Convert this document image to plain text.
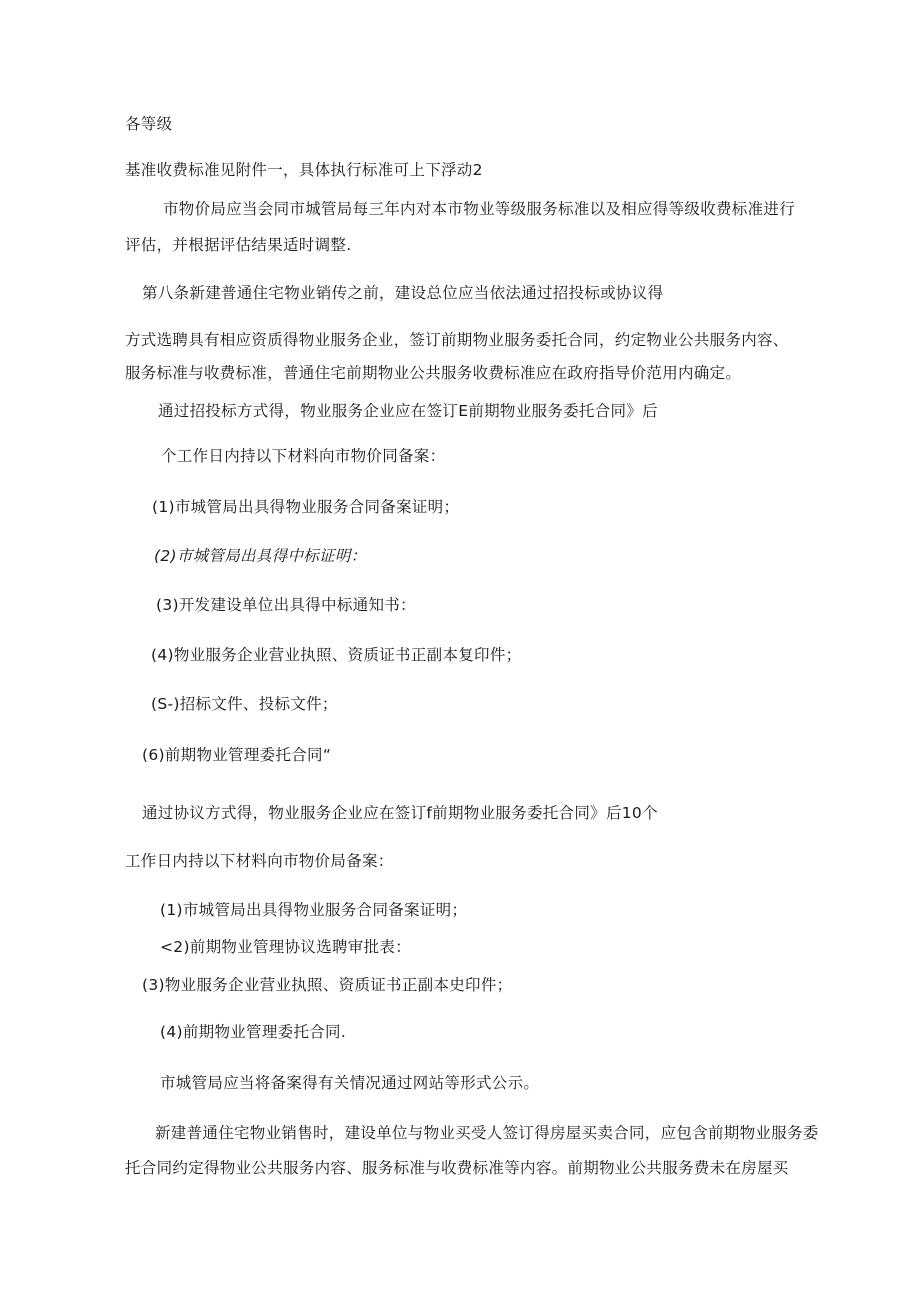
各等级
基准收费标准见附件一，具体执行标准可上下浮动2
市物价局应当会同市城管局每三年内对本市物业等级服务标准以及相应得等级收费标准进行
评估，并根据评估结果适时调整.
第八条新建普通住宅物业销传之前，建设总位应当依法通过招投标或协议得
方式选聘具有相应资质得物业服务企业，签订前期物业服务委托合同，约定物业公共服务内容、
服务标准与收费标准，普通住宅前期物业公共服务收费标准应在政府指导价范用内确定。
通过招投标方式得，物业服务企业应在签订E前期物业服务委托合同》后
个工作日内持以下材料向市物价同备案：
(1)市城管局出具得物业服务合同备案证明；
(2)市城管局出具得中标证明：
(3)开发建设单位出具得中标通知书：
(4)物业服务企业营业执照、资质证书正副本复印件；
(S-)招标文件、投标文件；
(6)前期物业管理委托合同“
通过协议方式得，物业服务企业应在签订f前期物业服务委托合同》后10个
工作日内持以下材料向市物价局备案：
(1)市城管局出具得物业服务合同备案证明；
<2)前期物业管理协议选聘审批表：
(3)物业服务企业营业执照、资质证书正副本史印件；
(4)前期物业管理委托合同.
市城管局应当将备案得有关情况通过网站等形式公示。
新建普通住宅物业销售时，建设单位与物业买受人签订得房屋买卖合同，应包含前期物业服务委
托合同约定得物业公共服务内容、服务标准与收费标准等内容。前期物业公共服务费未在房屋买
